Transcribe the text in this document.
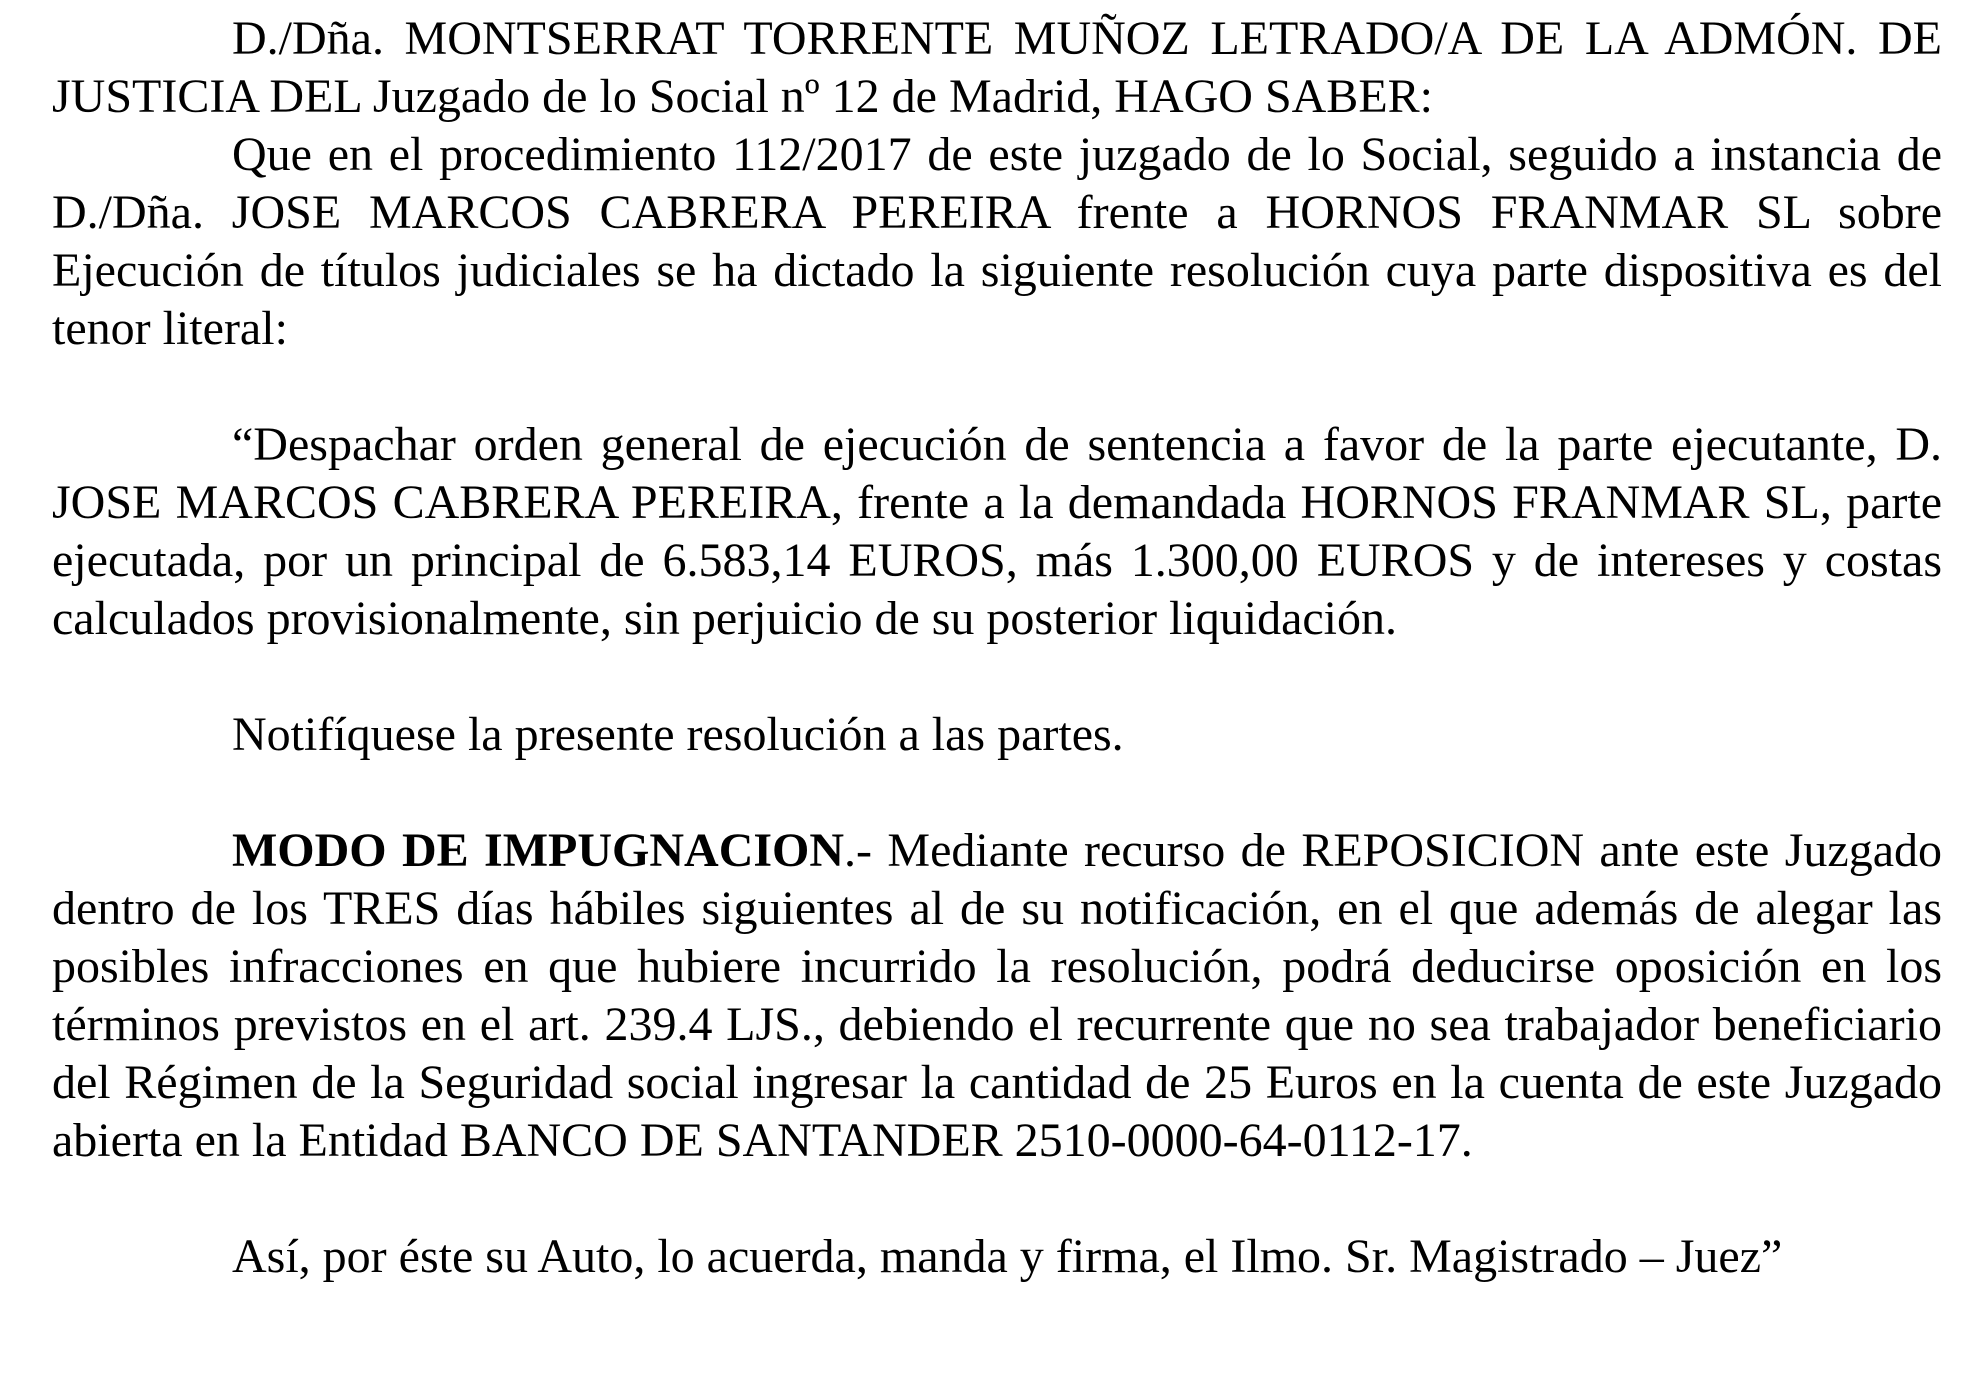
D./Dña. MONTSERRAT TORRENTE MUÑOZ LETRADO/A DE LA ADMÓN. DE JUSTICIA DEL Juzgado de lo Social nº 12 de Madrid, HAGO SABER:

Que en el procedimiento 112/2017 de este juzgado de lo Social, seguido a instancia de D./Dña. JOSE MARCOS CABRERA PEREIRA frente a HORNOS FRANMAR SL sobre Ejecución de títulos judiciales se ha dictado la siguiente resolución cuya parte dispositiva es del tenor literal:

“Despachar orden general de ejecución de sentencia a favor de la parte ejecutante, D. JOSE MARCOS CABRERA PEREIRA, frente a la demandada HORNOS FRANMAR SL, parte ejecutada, por un principal de 6.583,14 EUROS, más 1.300,00 EUROS y de intereses y costas calculados provisionalmente, sin perjuicio de su posterior liquidación.

Notifíquese la presente resolución a las partes.

MODO DE IMPUGNACION.- Mediante recurso de REPOSICION ante este Juzgado dentro de los TRES días hábiles siguientes al de su notificación, en el que además de alegar las posibles infracciones en que hubiere incurrido la resolución, podrá deducirse oposición en los términos previstos en el art. 239.4 LJS., debiendo el recurrente que no sea trabajador beneficiario del Régimen de la Seguridad social ingresar la cantidad de 25 Euros en la cuenta de este Juzgado abierta en la Entidad BANCO DE SANTANDER 2510-0000-64-0112-17.

Así, por éste su Auto, lo acuerda, manda y firma, el Ilmo. Sr. Magistrado – Juez”
